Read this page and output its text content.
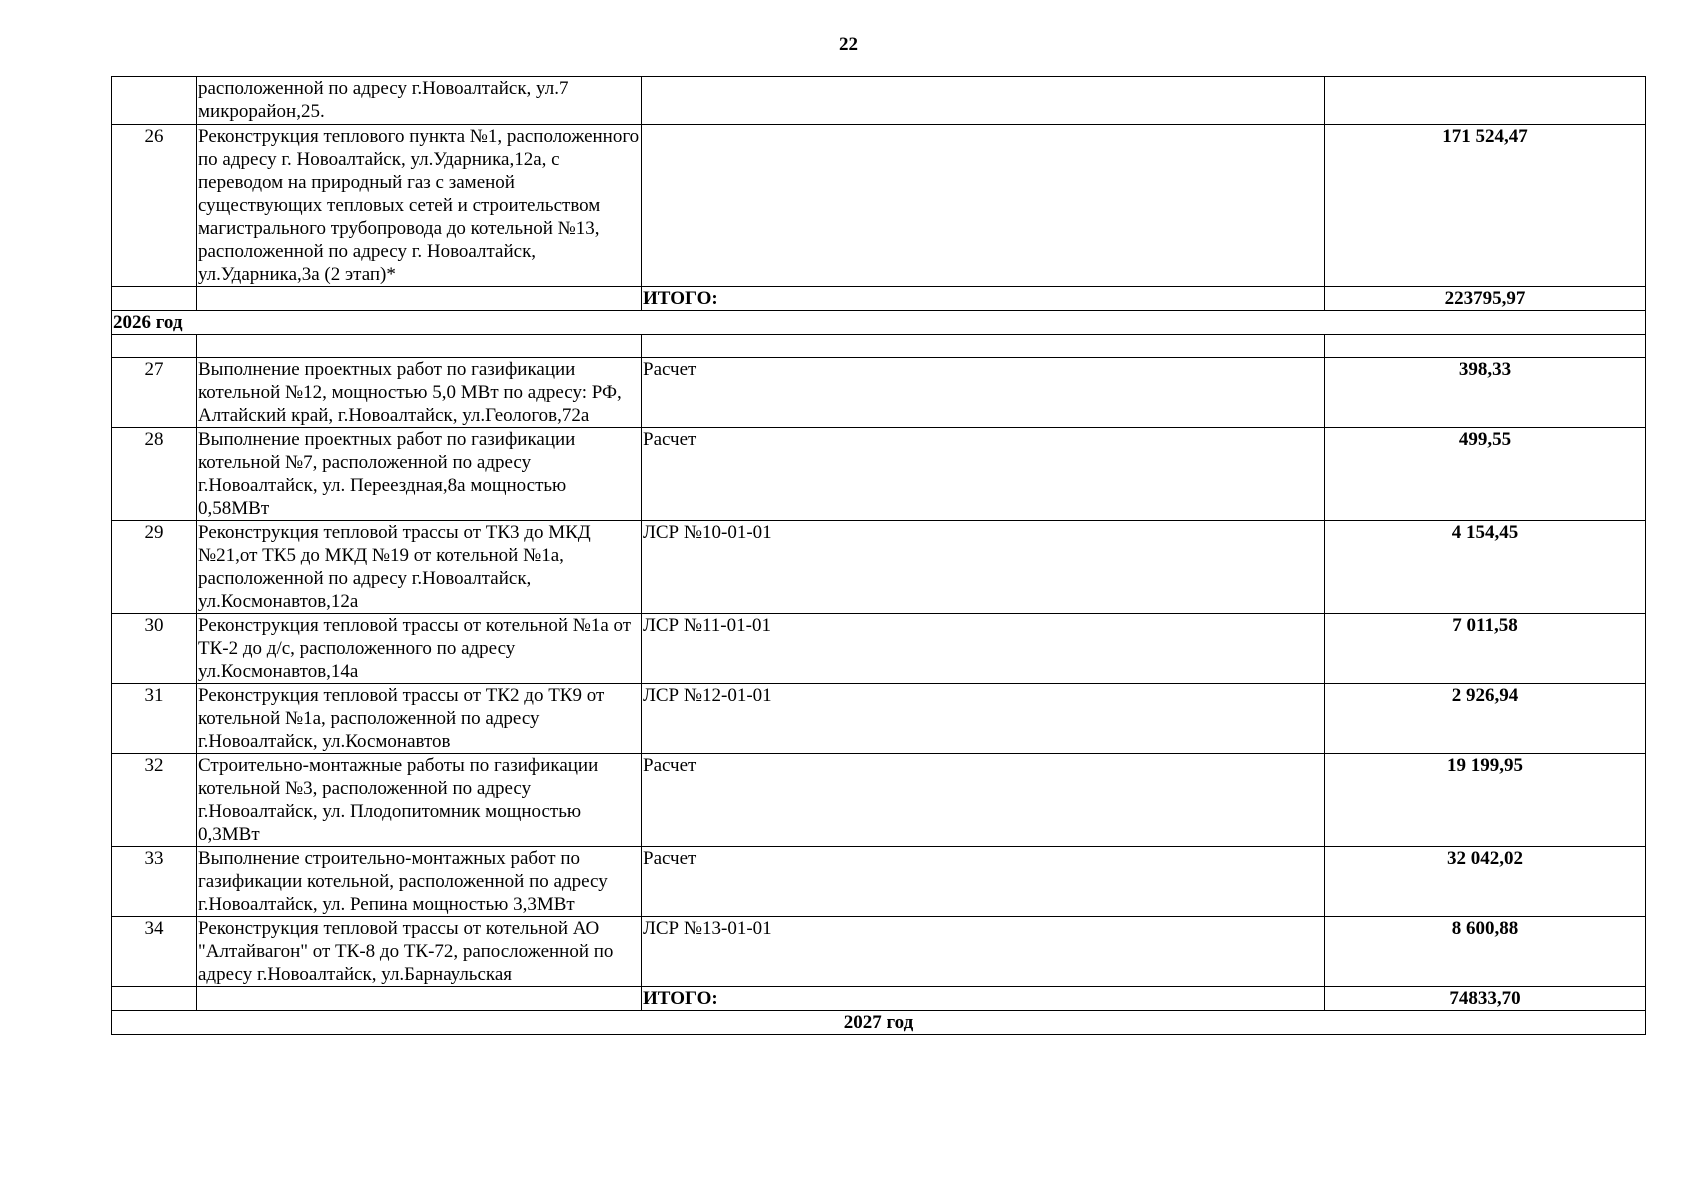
22
	расположенной по адресу г.Новоалтайск, ул.7 микрорайон,25.		
26	Реконструкция теплового пункта №1, расположенного по адресу г. Новоалтайск, ул.Ударника,12а, с переводом на природный газ с заменой существующих тепловых сетей и строительством магистрального трубопровода до котельной №13, расположенной по адресу г. Новоалтайск, ул.Ударника,3а (2 этап)*		171 524,47
		ИТОГО:	223795,97
2026 год			

27	Выполнение проектных работ по газификации котельной №12, мощностью 5,0 МВт по адресу: РФ, Алтайский край, г.Новоалтайск, ул.Геологов,72а	Расчет	398,33
28	Выполнение проектных работ по газификации котельной №7, расположенной по адресу г.Новоалтайск, ул. Переездная,8а мощностью 0,58МВт	Расчет	499,55
29	Реконструкция тепловой трассы от ТК3 до МКД №21,от ТК5 до МКД №19 от котельной №1а, расположенной по адресу г.Новоалтайск, ул.Космонавтов,12а	ЛСР №10-01-01	4 154,45
30	Реконструкция тепловой трассы от котельной №1а от ТК-2 до д/с, расположенного по адресу ул.Космонавтов,14а	ЛСР №11-01-01	7 011,58
31	Реконструкция тепловой трассы от ТК2 до ТК9 от котельной №1а, расположенной по адресу г.Новоалтайск, ул.Космонавтов	ЛСР №12-01-01	2 926,94
32	Строительно-монтажные работы по газификации котельной №3, расположенной по адресу г.Новоалтайск, ул. Плодопитомник мощностью 0,3МВт	Расчет	19 199,95
33	Выполнение строительно-монтажных работ по газификации котельной, расположенной по адресу г.Новоалтайск, ул. Репина мощностью 3,3МВт	Расчет	32 042,02
34	Реконструкция тепловой трассы от котельной АО "Алтайвагон" от ТК-8 до ТК-72, рапосложенной по адресу г.Новоалтайск, ул.Барнаульская	ЛСР №13-01-01	8 600,88
		ИТОГО:	74833,70
2027 год			
